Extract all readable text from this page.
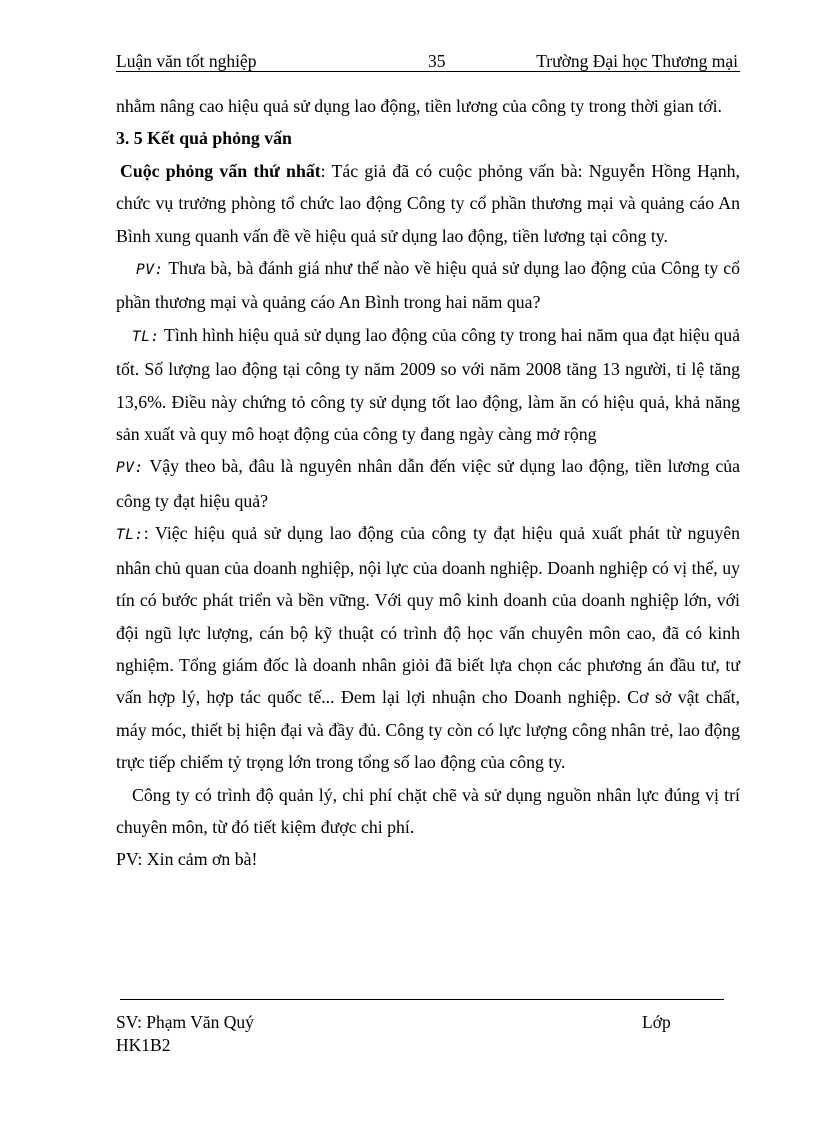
Luận văn tốt nghiệp	35	Trường Đại học Thương mại

nhằm nâng cao hiệu quả sử dụng lao động, tiền lương của công ty trong thời gian tới.

3. 5 Kết quả phỏng vấn

Cuộc phỏng vấn thứ nhất: Tác giả đã có cuộc phỏng vấn bà: Nguyễn Hồng Hạnh, chức vụ trưởng phòng tổ chức lao động Công ty cổ phần thương mại và quảng cáo An Bình xung quanh vấn đề về hiệu quả sử dụng lao động, tiền lương tại công ty.

PV: Thưa bà, bà đánh giá như thế nào về hiệu quả sử dụng lao động của Công ty cổ phần thương mại và quảng cáo An Bình trong hai năm qua?

TL: Tình hình hiệu quả sử dụng lao động của công ty trong hai năm qua đạt hiệu quả tốt. Số lượng lao động tại công ty năm 2009 so với năm 2008 tăng 13 người, tỉ lệ tăng 13,6%. Điều này chứng tỏ công ty sử dụng tốt lao động, làm ăn có hiệu quả, khả năng sản xuất và quy mô hoạt động của công ty đang ngày càng mở rộng

PV: Vậy theo bà, đâu là nguyên nhân dẫn đến việc sử dụng lao động, tiền lương của công ty đạt hiệu quả?

TL:: Việc hiệu quả sử dụng lao động của công ty đạt hiệu quả xuất phát từ nguyên nhân chủ quan của doanh nghiệp, nội lực của doanh nghiệp. Doanh nghiệp có vị thế, uy tín có bước phát triển và bền vững. Với quy mô kinh doanh của doanh nghiệp lớn, với đội ngũ lực lượng, cán bộ kỹ thuật có trình độ học vấn chuyên môn cao, đã có kinh nghiệm. Tổng giám đốc là doanh nhân giỏi đã biết lựa chọn các phương án đầu tư, tư vấn hợp lý, hợp tác quốc tế... Đem lại lợi nhuận cho Doanh nghiệp. Cơ sở vật chất, máy móc, thiết bị hiện đại và đầy đủ. Công ty còn có lực lượng công nhân trẻ, lao động trực tiếp chiếm tỷ trọng lớn trong tổng số lao động của công ty.

Công ty có trình độ quản lý, chi phí chặt chẽ và sử dụng nguồn nhân lực đúng vị trí chuyên môn, từ đó tiết kiệm được chi phí.

PV: Xin cảm ơn bà!

SV: Phạm Văn Quý	Lớp
HK1B2
